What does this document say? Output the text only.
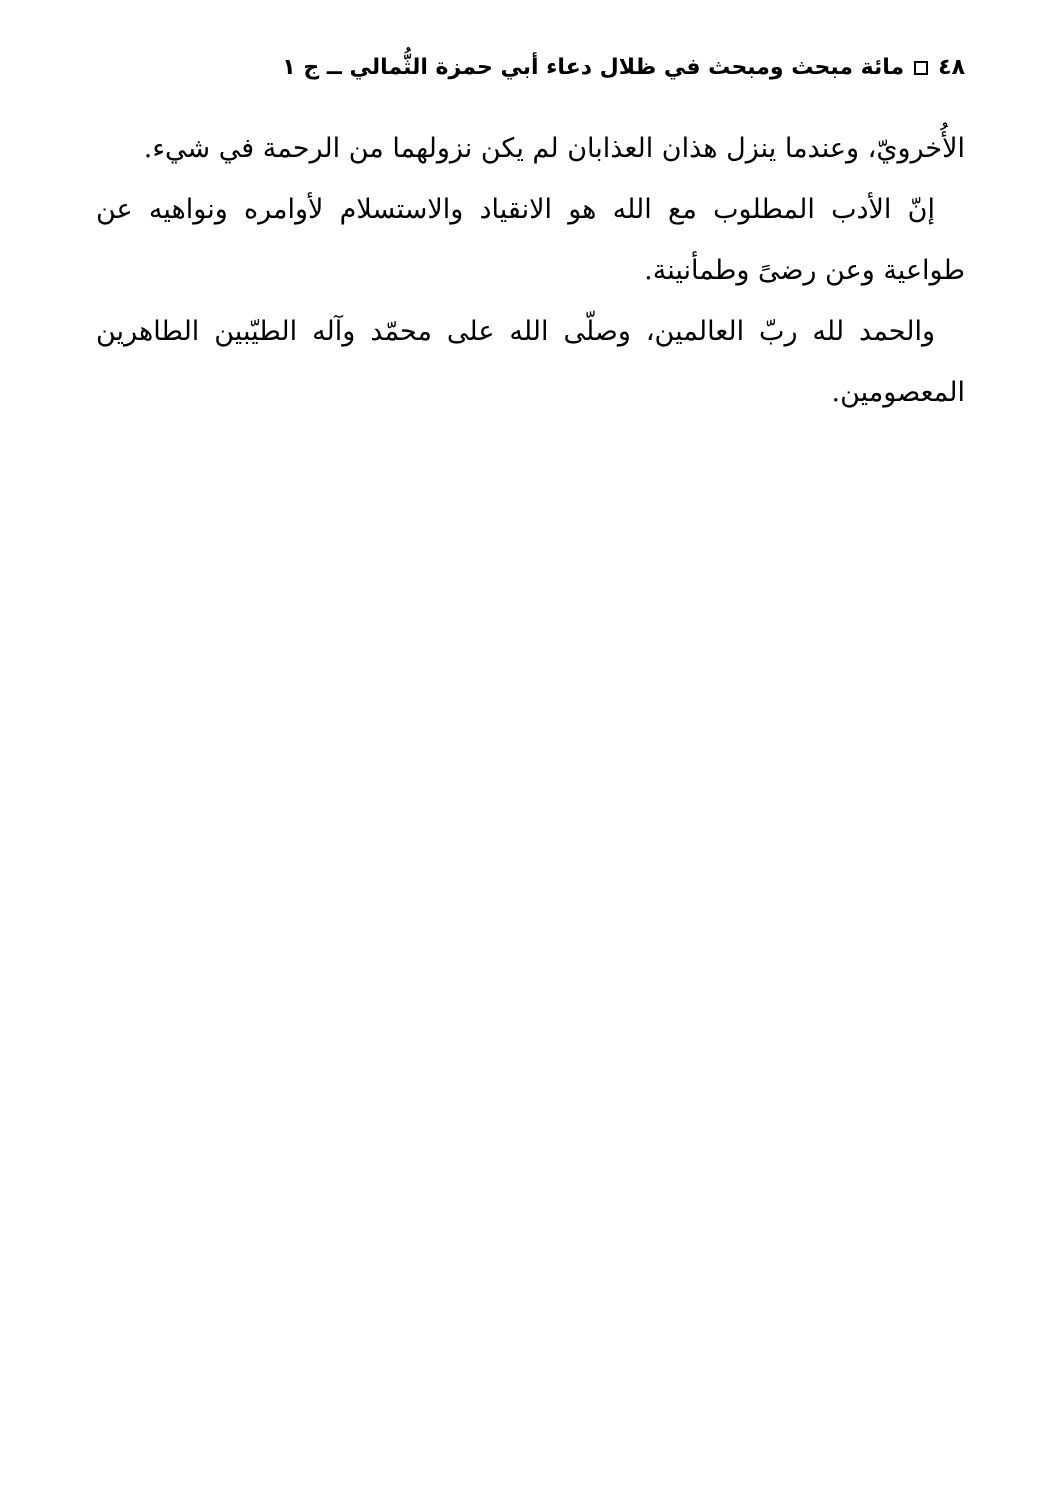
٤٨
مائة مبحث ومبحث في ظلال دعاء أبي حمزة الثُّمالي ــ ج ١

الأُخرويّ، وعندما ينزل هذان العذابان لم يكن نزولهما من الرحمة في شيء.

إنّ الأدب المطلوب مع الله هو الانقياد والاستسلام لأوامره ونواهيه عن طواعية وعن رضىً وطمأنينة.

والحمد لله ربّ العالمين، وصلّى الله على محمّد وآله الطيّبين الطاهرين المعصومين.
